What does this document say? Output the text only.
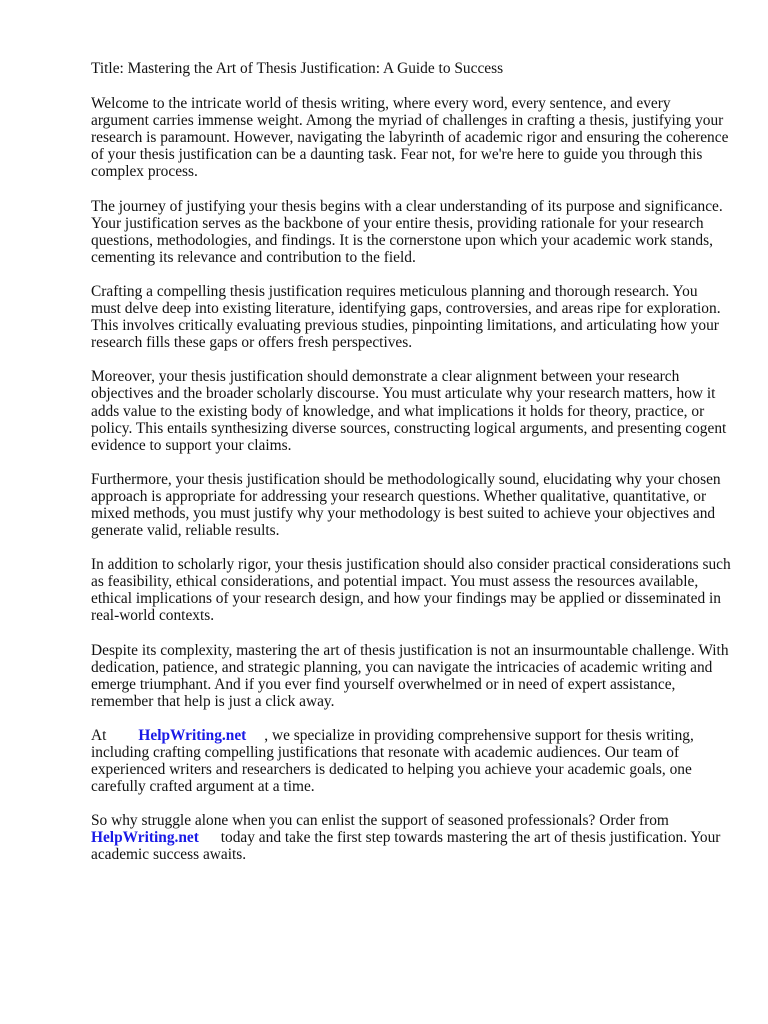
Title: Mastering the Art of Thesis Justification: A Guide to Success

Welcome to the intricate world of thesis writing, where every word, every sentence, and every argument carries immense weight. Among the myriad of challenges in crafting a thesis, justifying your research is paramount. However, navigating the labyrinth of academic rigor and ensuring the coherence of your thesis justification can be a daunting task. Fear not, for we're here to guide you through this complex process.

The journey of justifying your thesis begins with a clear understanding of its purpose and significance. Your justification serves as the backbone of your entire thesis, providing rationale for your research questions, methodologies, and findings. It is the cornerstone upon which your academic work stands, cementing its relevance and contribution to the field.

Crafting a compelling thesis justification requires meticulous planning and thorough research. You must delve deep into existing literature, identifying gaps, controversies, and areas ripe for exploration. This involves critically evaluating previous studies, pinpointing limitations, and articulating how your research fills these gaps or offers fresh perspectives.

Moreover, your thesis justification should demonstrate a clear alignment between your research objectives and the broader scholarly discourse. You must articulate why your research matters, how it adds value to the existing body of knowledge, and what implications it holds for theory, practice, or policy. This entails synthesizing diverse sources, constructing logical arguments, and presenting cogent evidence to support your claims.

Furthermore, your thesis justification should be methodologically sound, elucidating why your chosen approach is appropriate for addressing your research questions. Whether qualitative, quantitative, or mixed methods, you must justify why your methodology is best suited to achieve your objectives and generate valid, reliable results.

In addition to scholarly rigor, your thesis justification should also consider practical considerations such as feasibility, ethical considerations, and potential impact. You must assess the resources available, ethical implications of your research design, and how your findings may be applied or disseminated in real-world contexts.

Despite its complexity, mastering the art of thesis justification is not an insurmountable challenge. With dedication, patience, and strategic planning, you can navigate the intricacies of academic writing and emerge triumphant. And if you ever find yourself overwhelmed or in need of expert assistance, remember that help is just a click away.

At HelpWriting.net , we specialize in providing comprehensive support for thesis writing, including crafting compelling justifications that resonate with academic audiences. Our team of experienced writers and researchers is dedicated to helping you achieve your academic goals, one carefully crafted argument at a time.

So why struggle alone when you can enlist the support of seasoned professionals? Order from
HelpWriting.net today and take the first step towards mastering the art of thesis justification. Your academic success awaits.
